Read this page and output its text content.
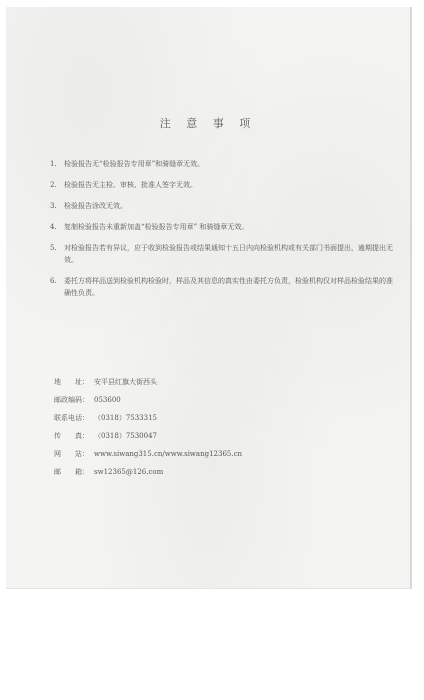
注 意 事 项
1.	检验报告无“检验报告专用章”和骑缝章无效。
2.	检验报告无主检、审核、批准人签字无效。
3.	检验报告涂改无效。
4.	复制检验报告未重新加盖“检验报告专用章” 和骑缝章无效。
5.	对检验报告若有异议，应于收到检验报告或结果通知十五日内向检验机构或有关部门书面提出，逾期提出无效。
6.	委托方将样品送到检验机构检验时，样品及其信息的真实性由委托方负责，检验机构仅对样品检验结果的准确性负责。
地　　址： 安平县红旗大街西头
邮政编码： 053600
联系电话： （0318）7533315
传　　真： （0318）7530047
网　　站： www.siwang315.cn/www.siwang12365.cn
邮　　箱： sw12365@126.com
